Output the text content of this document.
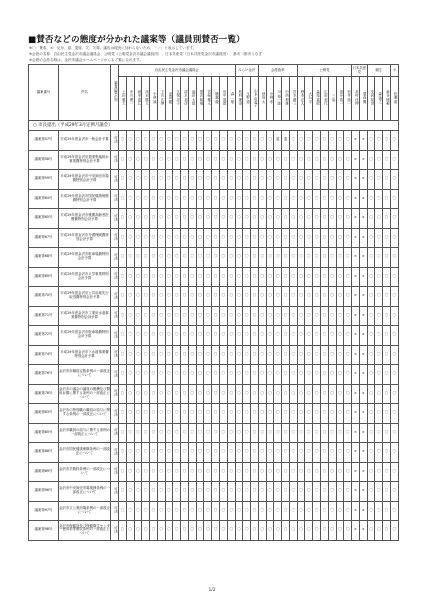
■賛否などの態度が分かれた議案等（議員別賛否一覧）
※〇：賛成、×：反対、退：退席、欠：欠席。議長は採決に加わらないため、「／」と表示しています。
※会派の名称：自由民主党金沢市議会議員会、公明党（公明党金沢市議会議員団）、日本共産党（日本共産党金沢市議員団）、都市（都市となぎ
※会派の会派名称は、金沢市議会ホームページからもご覧になれます。
議案番号	件名	審査結果の別	自由民主党金沢市議会議員会															みらい金沢			会派改革					公明党							日本共産党		創生			ボ
			上田 雅大	中川 俊一	坂本 泰広	高岩 勝人	小林 誠	下沢 広伸	麦田 徹	久保 洋子	清水 邦彦	福田 太郎	黒沢 和規	宮崎 雅人	横越 徹	田中 展郎	森 一敏	松村 理治	玉野 道	山本 由起子	秋島 太	小林 孝	川 裕一郎	中西 利雄	宮本 慶三	野本 正人	大石 平	森尾 嘉昭	広田 美代	三 男	喜多 浩一	松井 純一	高村 佳伸	粟森 慨	安居 知世	森 義之	新谷 博範	松瀬 昭
○ 市長提出（平成29年3月定例月議会）																																						
議案第57号	平成29年度金沢市一般会計予算	可決	〇	〇	〇	〇	〇	〇	〇	〇	〇	〇	〇	〇	〇	〇	〇	〇	〇	〇	〇	〇	退	退	〇	〇	〇	〇	〇	〇	〇	〇	×	×	〇	〇	〇	〇
議案第58号	平成29年度金沢市農業集落排水事業費特別会計予算	可決	〇	〇	〇	〇	〇	〇	〇	〇	〇	〇	〇	〇	〇	〇	〇	〇	〇	〇	〇	〇	〇	〇	〇	〇	〇	〇	〇	〇	〇	〇	×	×	〇	〇	〇	〇
議案第59号	平成29年度金沢市中央卸売市場費特別会計予算	可決	〇	〇	〇	〇	〇	〇	〇	〇	〇	〇	〇	〇	〇	〇	〇	〇	〇	〇	〇	〇	〇	〇	〇	〇	〇	〇	〇	〇	〇	〇	×	×	〇	〇	〇	〇
議案第64号	平成29年度金沢市国民健康保険費特別会計予算	可決	〇	〇	〇	〇	〇	〇	〇	〇	〇	〇	〇	〇	〇	〇	〇	〇	〇	〇	〇	〇	〇	〇	〇	〇	〇	〇	〇	〇	〇	〇	×	×	〇	〇	〇	〇
議案第65号	平成29年度金沢市後期高齢者医療費特別会計予算	可決	〇	〇	〇	〇	〇	〇	〇	〇	〇	〇	〇	〇	〇	〇	〇	〇	〇	〇	〇	〇	〇	〇	〇	〇	〇	〇	〇	〇	〇	〇	×	×	〇	〇	〇	〇
議案第67号	平成29年度金沢市介護保険費特別会計予算	可決	〇	〇	〇	〇	〇	〇	〇	〇	〇	〇	〇	〇	〇	〇	〇	〇	〇	〇	〇	〇	〇	〇	〇	〇	〇	〇	〇	〇	〇	〇	×	×	〇	〇	〇	〇
議案第68号	平成29年度金沢市駐車場費特別会計予算	可決	〇	〇	〇	〇	〇	〇	〇	〇	〇	〇	〇	〇	〇	〇	〇	〇	〇	〇	〇	〇	〇	〇	〇	〇	〇	〇	〇	〇	〇	〇	×	×	〇	〇	〇	〇
議案第69号	平成29年度金沢市大学事業特別会計予算	可決	〇	〇	〇	〇	〇	〇	〇	〇	〇	〇	〇	〇	〇	〇	〇	〇	〇	〇	〇	〇	〇	〇	〇	〇	〇	〇	〇	〇	〇	〇	×	×	〇	〇	〇	〇
議案第70号	平成29年度金沢市公共用地先行取得費特別会計予算	可決	〇	〇	〇	〇	〇	〇	〇	〇	〇	〇	〇	〇	〇	〇	〇	〇	〇	〇	〇	〇	〇	〇	〇	〇	〇	〇	〇	〇	〇	〇	×	×	〇	〇	〇	〇
議案第71号	平成29年度金沢市工業用水道事業費特別会計予算	可決	〇	〇	〇	〇	〇	〇	〇	〇	〇	〇	〇	〇	〇	〇	〇	〇	〇	〇	〇	〇	〇	〇	〇	〇	〇	〇	〇	〇	〇	〇	×	×	〇	〇	〇	〇
議案第72号	平成29年度金沢市駐車場費特別会計予算	可決	〇	〇	〇	〇	〇	〇	〇	〇	〇	〇	〇	〇	〇	〇	〇	〇	〇	〇	〇	〇	〇	〇	〇	〇	〇	〇	〇	〇	〇	〇	×	×	〇	〇	〇	〇
議案第74号	平成29年度金沢市下水道事業費特別会計予算	可決	〇	〇	〇	〇	〇	〇	〇	〇	〇	〇	〇	〇	〇	〇	〇	〇	〇	〇	〇	〇	〇	〇	〇	〇	〇	〇	〇	〇	〇	〇	×	×	〇	〇	〇	〇
議案第76号	金沢市市職員定数条例の一部改正について	可決	〇	〇	〇	〇	〇	〇	〇	〇	〇	〇	〇	〇	〇	〇	〇	〇	〇	〇	〇	〇	〇	〇	〇	〇	〇	〇	〇	〇	〇	〇	×	×	〇	〇	〇	〇
議案第78号	金沢市の議会の議員の報酬及び費用弁償に関する条例の一部改正について	可決	〇	〇	〇	〇	〇	〇	〇	〇	〇	〇	〇	〇	〇	〇	〇	〇	〇	〇	〇	〇	〇	〇	〇	〇	〇	〇	〇	〇	〇	〇	×	×	〇	〇	〇	〇
議案第83号	金沢市の特別職の職員の給与に関する条例の一部改正について	可決	〇	〇	〇	〇	〇	〇	〇	〇	〇	〇	〇	〇	〇	〇	〇	〇	〇	〇	〇	〇	〇	〇	〇	〇	〇	〇	〇	〇	〇	〇	×	×	〇	〇	〇	〇
議案第85号	金沢市職員の給与に関する条例の一部改正について	可決	〇	〇	〇	〇	〇	〇	〇	〇	〇	〇	〇	〇	〇	〇	〇	〇	〇	〇	〇	〇	〇	〇	〇	〇	〇	〇	〇	〇	〇	〇	×	×	〇	〇	〇	〇
議案第88号	金沢市国民健康保険条例の一部改正について	可決	〇	〇	〇	〇	〇	〇	〇	〇	〇	〇	〇	〇	〇	〇	〇	〇	〇	〇	〇	〇	〇	〇	〇	〇	〇	〇	〇	〇	〇	〇	×	×	〇	〇	〇	〇
議案第89号	金沢市手数料条例の一部改正について	可決	〇	〇	〇	〇	〇	〇	〇	〇	〇	〇	〇	〇	〇	〇	〇	〇	〇	〇	〇	〇	〇	〇	〇	〇	〇	〇	〇	〇	〇	〇	×	×	〇	〇	〇	〇
議案第96号	金沢市中央卸売市場業務条例の一部改正について	可決	〇	〇	〇	〇	〇	〇	〇	〇	〇	〇	〇	〇	〇	〇	〇	〇	〇	〇	〇	〇	〇	〇	〇	〇	〇	〇	〇	〇	〇	〇	×	×	〇	〇	〇	〇
議案第97号	金沢市立公衆浴場条例の一部改正について	可決	〇	〇	〇	〇	〇	〇	〇	〇	〇	〇	〇	〇	〇	〇	〇	〇	〇	〇	〇	〇	〇	〇	〇	〇	〇	〇	〇	〇	〇	〇	×	×	〇	〇	〇	〇
議案第98号	金沢市保健所及び保健衛生センター使用料等徴収条例の一部改正について	可決	〇	〇	〇	〇	〇	〇	〇	〇	〇	〇	〇	〇	〇	〇	〇	〇	〇	〇	〇	〇	〇	〇	〇	〇	〇	〇	〇	〇	〇	〇	×	×	〇	〇	〇	〇
1/2
